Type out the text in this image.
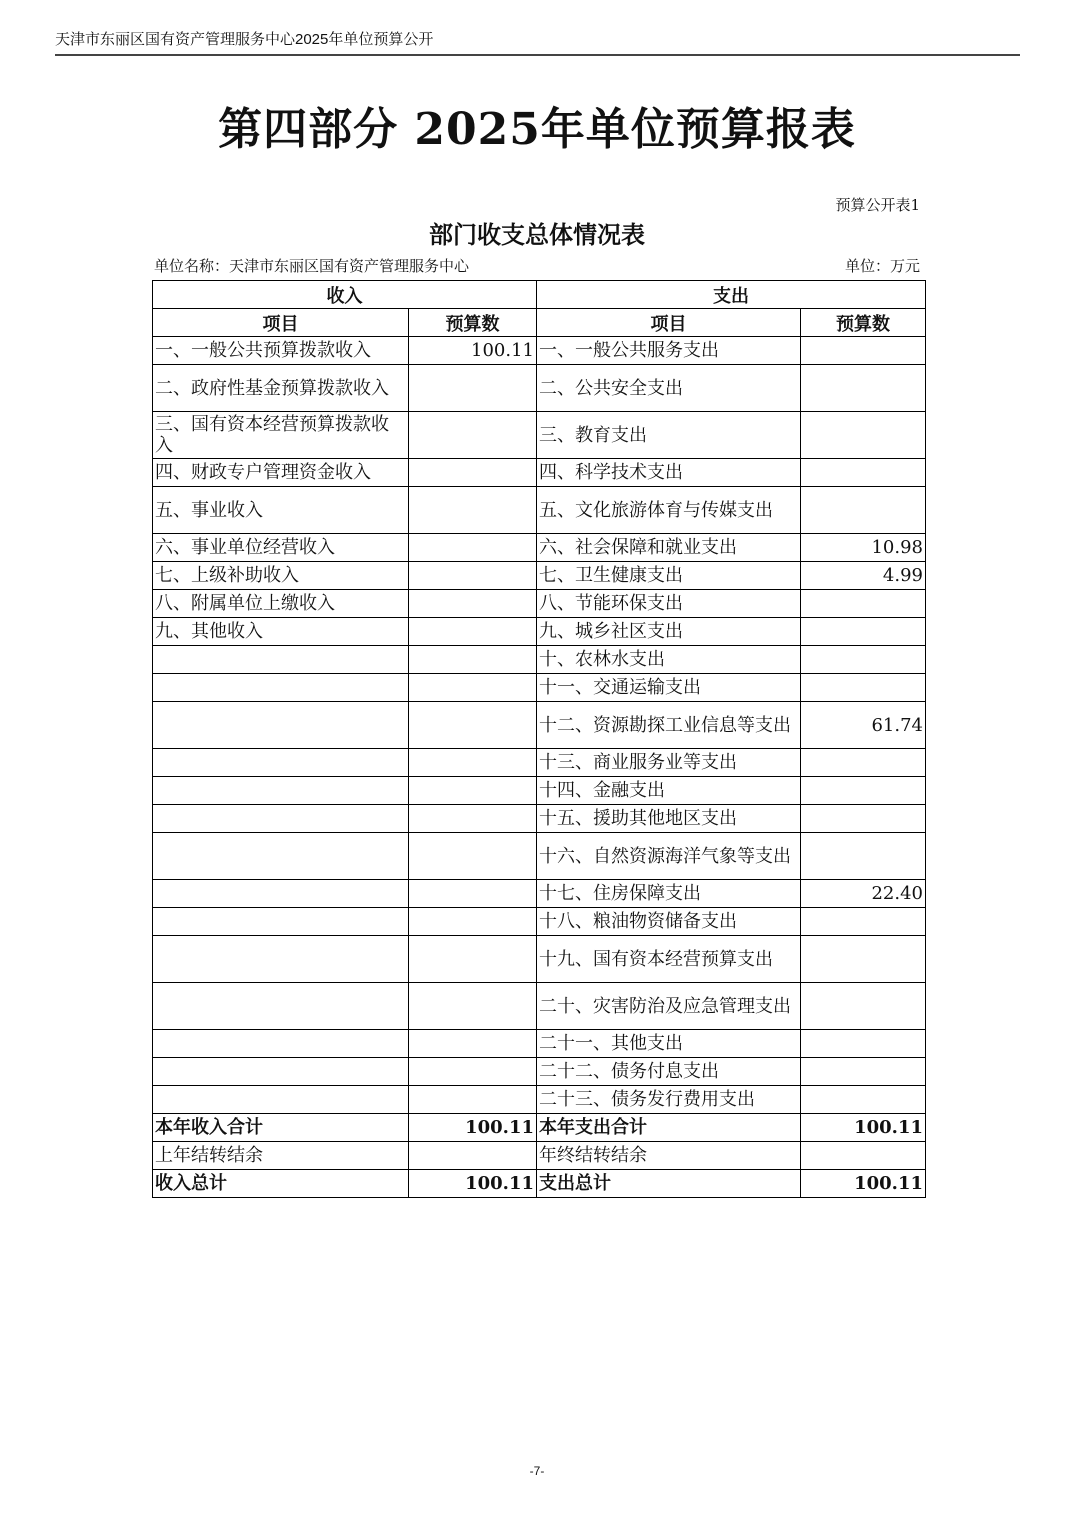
天津市东丽区国有资产管理服务中心2025年单位预算公开
第四部分 2025年单位预算报表
预算公开表1
部门收支总体情况表
单位名称：天津市东丽区国有资产管理服务中心	单位：万元
收入		支出	
项目	预算数	项目	预算数
一、一般公共预算拨款收入	100.11	一、一般公共服务支出	
二、政府性基金预算拨款收入		二、公共安全支出	
三、国有资本经营预算拨款收入		三、教育支出	
四、财政专户管理资金收入		四、科学技术支出	
五、事业收入		五、文化旅游体育与传媒支出	
六、事业单位经营收入		六、社会保障和就业支出	10.98
七、上级补助收入		七、卫生健康支出	4.99
八、附属单位上缴收入		八、节能环保支出	
九、其他收入		九、城乡社区支出	
		十、农林水支出	
		十一、交通运输支出	
		十二、资源勘探工业信息等支出	61.74
		十三、商业服务业等支出	
		十四、金融支出	
		十五、援助其他地区支出	
		十六、自然资源海洋气象等支出	
		十七、住房保障支出	22.40
		十八、粮油物资储备支出	
		十九、国有资本经营预算支出	
		二十、灾害防治及应急管理支出	
		二十一、其他支出	
		二十二、债务付息支出	
		二十三、债务发行费用支出	
本年收入合计	100.11	本年支出合计	100.11
上年结转结余		年终结转结余	
收入总计	100.11	支出总计	100.11
-7-
